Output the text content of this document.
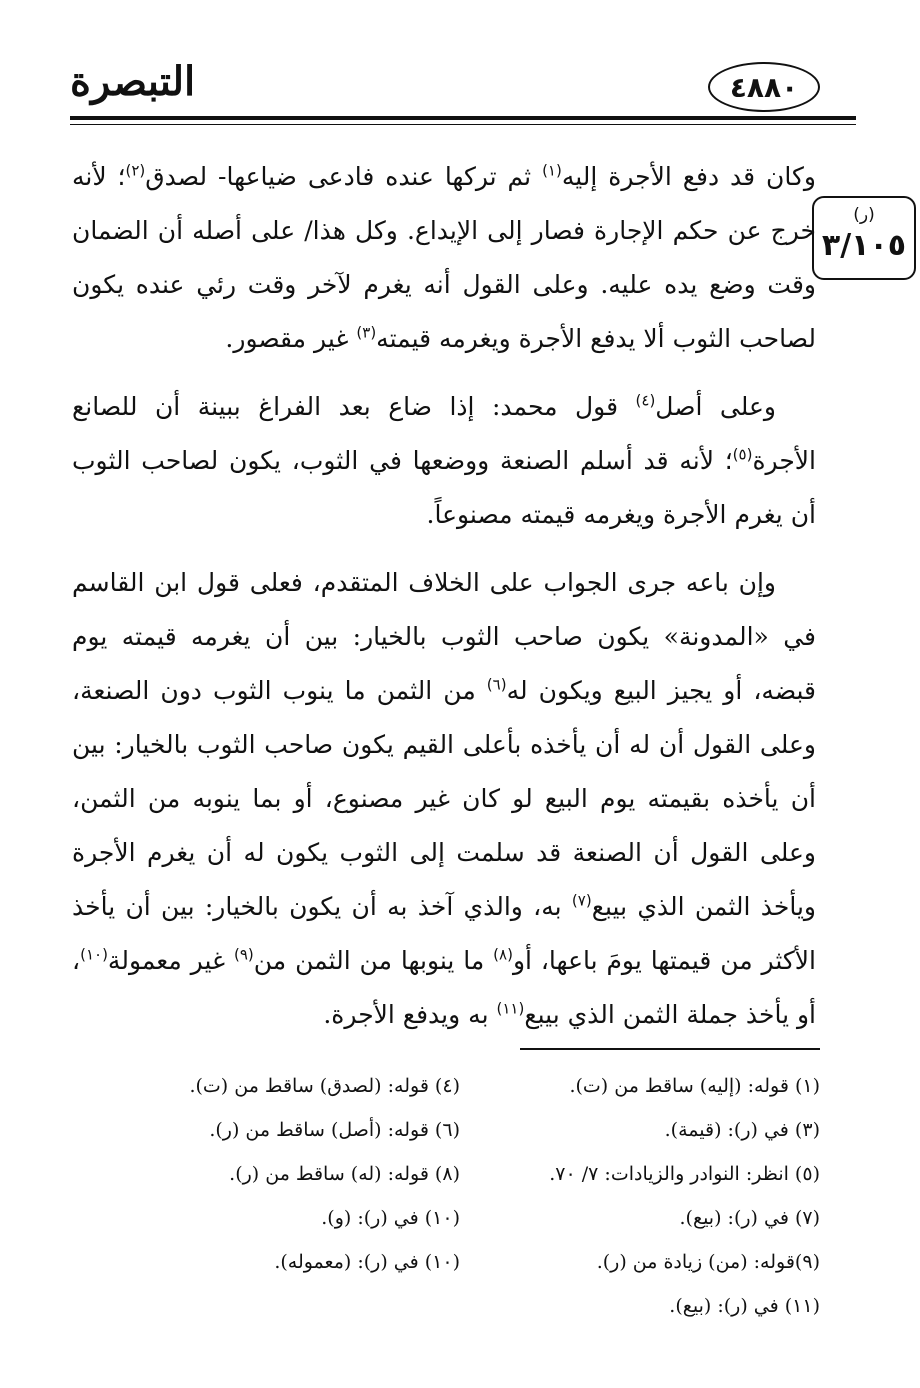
التبصرة	٤٨٨٠
(ر)
٣/١٠٥

وكان قد دفع الأجرة إليه$^{(١)}$ ثم تركها عنده فادعى ضياعها- لصدق$^{(٢)}$؛ لأنه خرج عن حكم الإجارة فصار إلى الإيداع. وكل هذا/ على أصله أن الضمان وقت وضع يده عليه. وعلى القول أنه يغرم لآخر وقت رئي عنده يكون لصاحب الثوب ألا يدفع الأجرة ويغرمه قيمته$^{(٣)}$ غير مقصور.

وعلى أصل$^{(٤)}$ قول محمد: إذا ضاع بعد الفراغ ببينة أن للصانع الأجرة$^{(٥)}$؛ لأنه قد أسلم الصنعة ووضعها في الثوب، يكون لصاحب الثوب أن يغرم الأجرة ويغرمه قيمته مصنوعاً.

وإن باعه جرى الجواب على الخلاف المتقدم، فعلى قول ابن القاسم في «المدونة» يكون صاحب الثوب بالخيار: بين أن يغرمه قيمته يوم قبضه، أو يجيز البيع ويكون له$^{(٦)}$ من الثمن ما ينوب الثوب دون الصنعة، وعلى القول أن له أن يأخذه بأعلى القيم يكون صاحب الثوب بالخيار: بين أن يأخذه بقيمته يوم البيع لو كان غير مصنوع، أو بما ينوبه من الثمن، وعلى القول أن الصنعة قد سلمت إلى الثوب يكون له أن يغرم الأجرة ويأخذ الثمن الذي بيبع$^{(٧)}$ به، والذي آخذ به أن يكون بالخيار: بين أن يأخذ الأكثر من قيمتها يومَ باعها، أو$^{(٨)}$ ما ينوبها من الثمن من$^{(٩)}$ غير معمولة$^{(١٠)}$، أو يأخذ جملة الثمن الذي بيبع$^{(١١)}$ به ويدفع الأجرة.

(١) قوله: (إليه) ساقط من (ت).
(٣) في (ر): (قيمة).
(٥) انظر: النوادر والزيادات: ٧/ ٧٠.
(٧) في (ر): (بيع).
(٩)قوله: (من) زيادة من (ر).
(١١) في (ر): (بيع).
(٤) قوله: (لصدق) ساقط من (ت).
(٦) قوله: (أصل) ساقط من (ر).
(٨) قوله: (له) ساقط من (ر).
(١٠) في (ر): (و).
(١٠) في (ر): (معموله).
